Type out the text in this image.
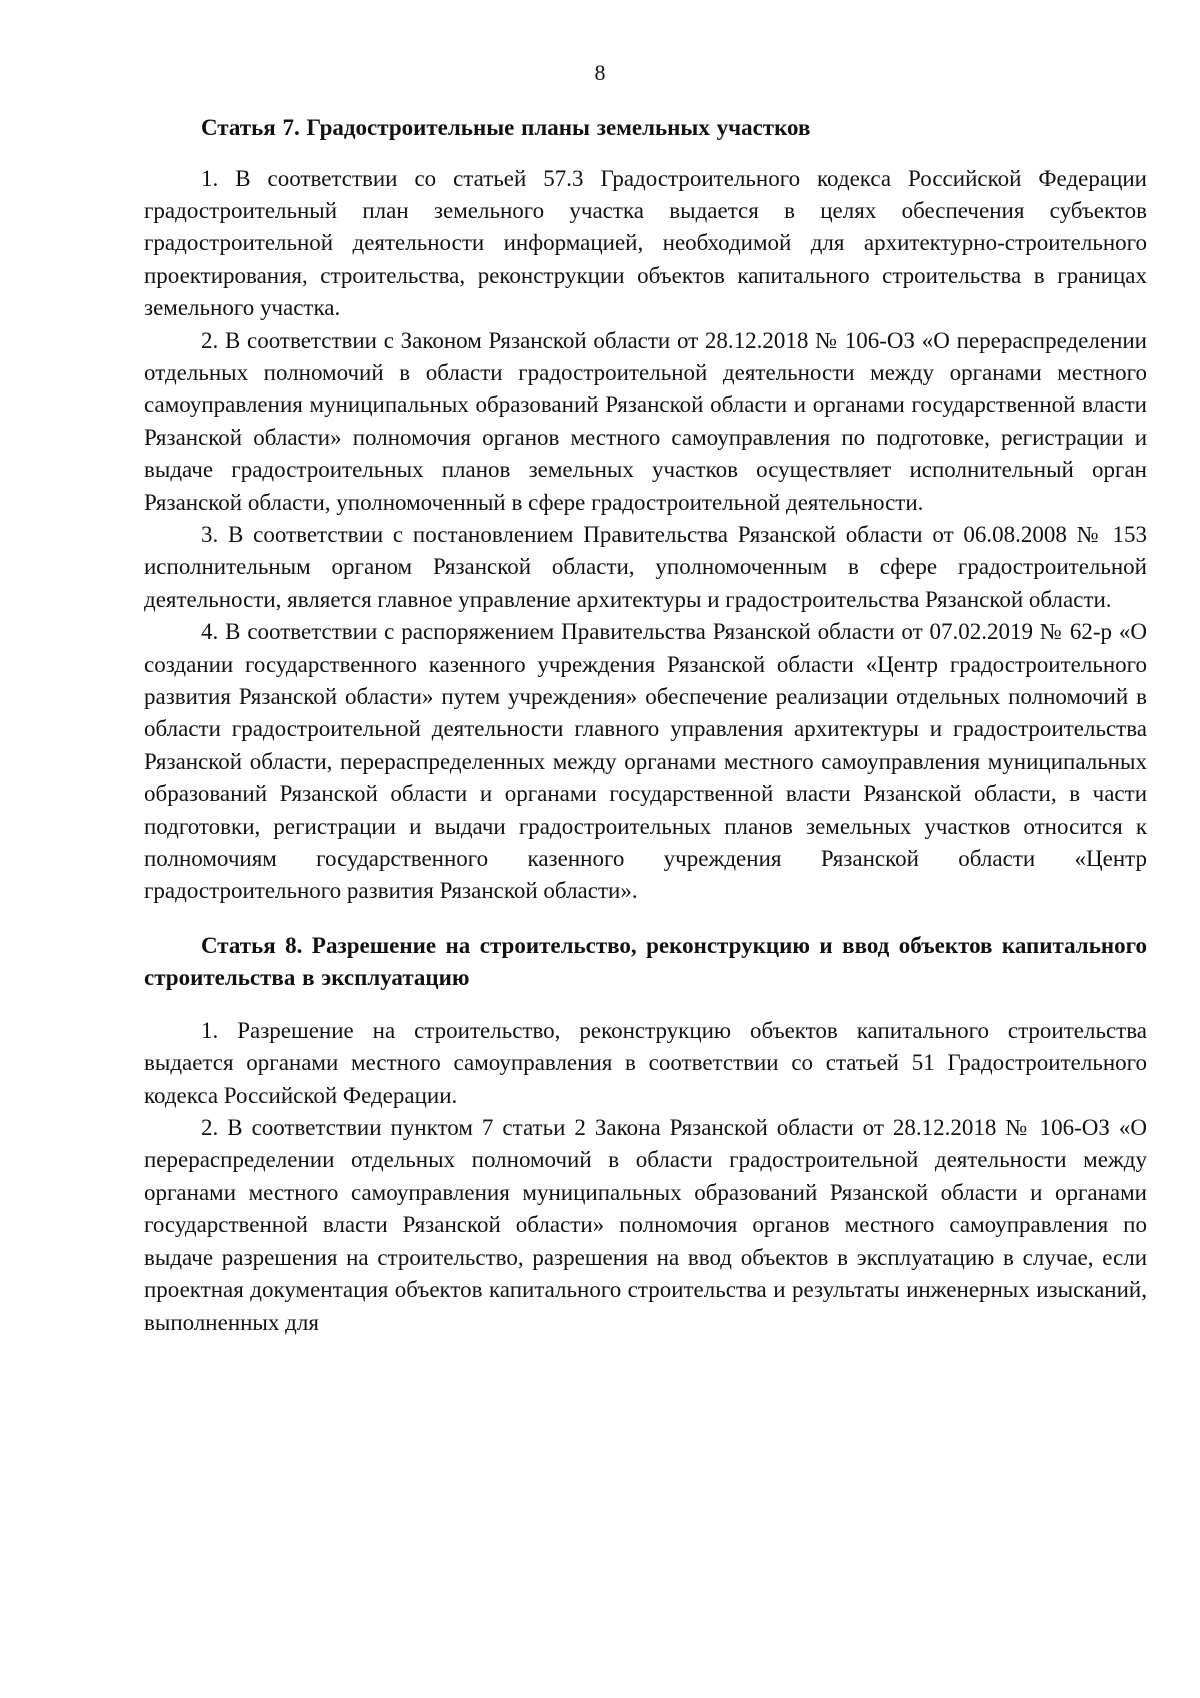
8

Статья 7. Градостроительные планы земельных участков

1. В соответствии со статьей 57.3 Градостроительного кодекса Российской Федерации градостроительный план земельного участка выдается в целях обеспечения субъектов градостроительной деятельности информацией, необходимой для архитектурно-строительного проектирования, строительства, реконструкции объектов капитального строительства в границах земельного участка.

2. В соответствии с Законом Рязанской области от 28.12.2018 № 106-ОЗ «О перераспределении отдельных полномочий в области градостроительной деятельности между органами местного самоуправления муниципальных образований Рязанской области и органами государственной власти Рязанской области» полномочия органов местного самоуправления по подготовке, регистрации и выдаче градостроительных планов земельных участков осуществляет исполнительный орган Рязанской области, уполномоченный в сфере градостроительной деятельности.

3. В соответствии с постановлением Правительства Рязанской области от 06.08.2008 № 153 исполнительным органом Рязанской области, уполномоченным в сфере градостроительной деятельности, является главное управление архитектуры и градостроительства Рязанской области.

4. В соответствии с распоряжением Правительства Рязанской области от 07.02.2019 № 62-р «О создании государственного казенного учреждения Рязанской области «Центр градостроительного развития Рязанской области» путем учреждения» обеспечение реализации отдельных полномочий в области градостроительной деятельности главного управления архитектуры и градостроительства Рязанской области, перераспределенных между органами местного самоуправления муниципальных образований Рязанской области и органами государственной власти Рязанской области, в части подготовки, регистрации и выдачи градостроительных планов земельных участков относится к полномочиям государственного казенного учреждения Рязанской области «Центр градостроительного развития Рязанской области».

Статья 8. Разрешение на строительство, реконструкцию и ввод объектов капитального строительства в эксплуатацию

1. Разрешение на строительство, реконструкцию объектов капитального строительства выдается органами местного самоуправления в соответствии со статьей 51 Градостроительного кодекса Российской Федерации.

2. В соответствии пунктом 7 статьи 2 Закона Рязанской области от 28.12.2018 № 106-ОЗ «О перераспределении отдельных полномочий в области градостроительной деятельности между органами местного самоуправления муниципальных образований Рязанской области и органами государственной власти Рязанской области» полномочия органов местного самоуправления по выдаче разрешения на строительство, разрешения на ввод объектов в эксплуатацию в случае, если проектная документация объектов капитального строительства и результаты инженерных изысканий, выполненных для
